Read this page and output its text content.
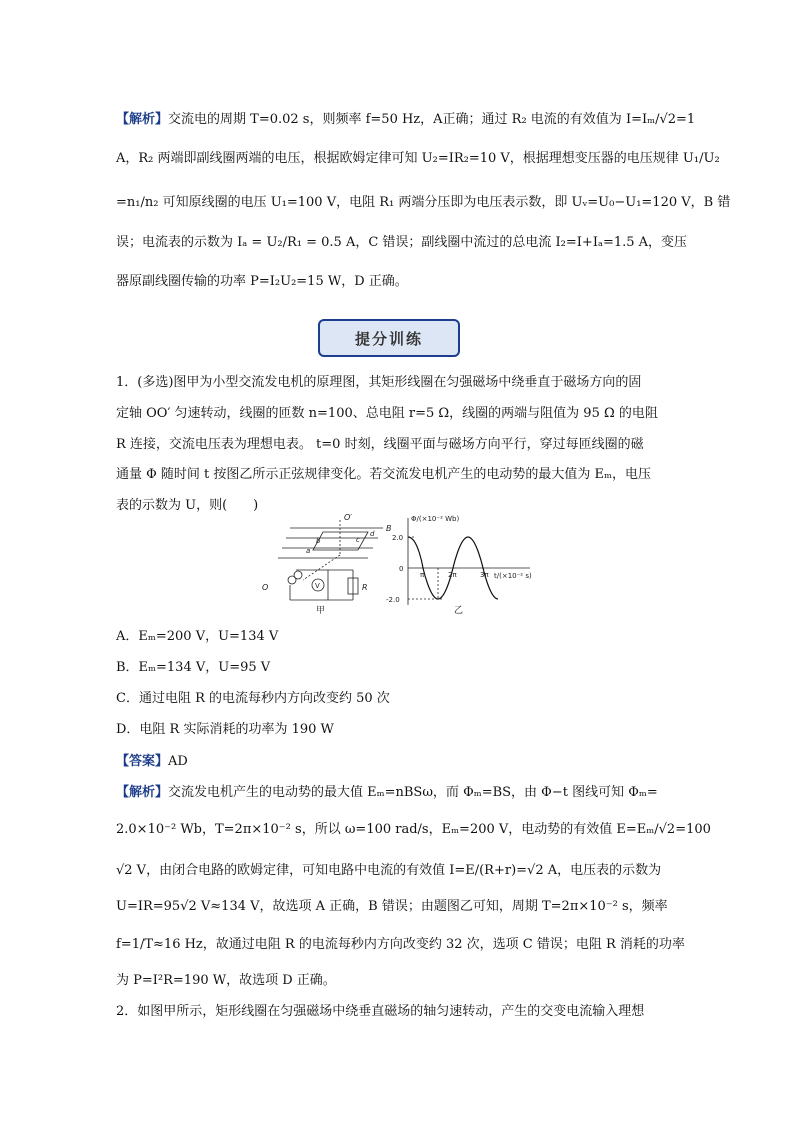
【解析】交流电的周期 T=0.02 s，则频率 f=50 Hz，A正确；通过 R₂ 电流的有效值为 I=Iₘ/√2=1
A，R₂ 两端即副线圈两端的电压，根据欧姆定律可知 U₂=IR₂=10 V，根据理想变压器的电压规律 U₁/U₂
=n₁/n₂ 可知原线圈的电压 U₁=100 V，电阻 R₁ 两端分压即为电压表示数，即 Uᵥ=U₀−U₁=120 V，B 错
误；电流表的示数为 Iₐ = U₂/R₁ = 0.5 A，C 错误；副线圈中流过的总电流 I₂=I+Iₐ=1.5 A，变压
器原副线圈传输的功率 P=I₂U₂=15 W，D 正确。
提分训练
1．(多选)图甲为小型交流发电机的原理图，其矩形线圈在匀强磁场中绕垂直于磁场方向的固
定轴 OO′ 匀速转动，线圈的匝数 n=100、总电阻 r=5 Ω，线圈的两端与阻值为 95 Ω 的电阻
R 连接，交流电压表为理想电表。 t=0 时刻，线圈平面与磁场方向平行，穿过每匝线圈的磁
通量 Φ 随时间 t 按图乙所示正弦规律变化。若交流发电机产生的电动势的最大值为 Eₘ，电压
表的示数为 U，则(　　)
O′
B
a
b	c
d
O	V	R
甲
Φ/(×10⁻² Wb)
t/(×10⁻² s)
2.0
0
-2.0
π	2π	3π
乙
A．Eₘ=200 V，U=134 V
B．Eₘ=134 V，U=95 V
C．通过电阻 R 的电流每秒内方向改变约 50 次
D．电阻 R 实际消耗的功率为 190 W
【答案】AD
【解析】交流发电机产生的电动势的最大值 Eₘ=nBSω，而 Φₘ=BS，由 Φ−t 图线可知 Φₘ=
2.0×10⁻² Wb，T=2π×10⁻² s，所以 ω=100 rad/s，Eₘ=200 V，电动势的有效值 E=Eₘ/√2=100
√2 V，由闭合电路的欧姆定律，可知电路中电流的有效值 I=E/(R+r)=√2 A，电压表的示数为
U=IR=95√2 V≈134 V，故选项 A 正确，B 错误；由题图乙可知，周期 T=2π×10⁻² s，频率
f=1/T≈16 Hz，故通过电阻 R 的电流每秒内方向改变约 32 次，选项 C 错误；电阻 R 消耗的功率
为 P=I²R=190 W，故选项 D 正确。
2．如图甲所示，矩形线圈在匀强磁场中绕垂直磁场的轴匀速转动，产生的交变电流输入理想
